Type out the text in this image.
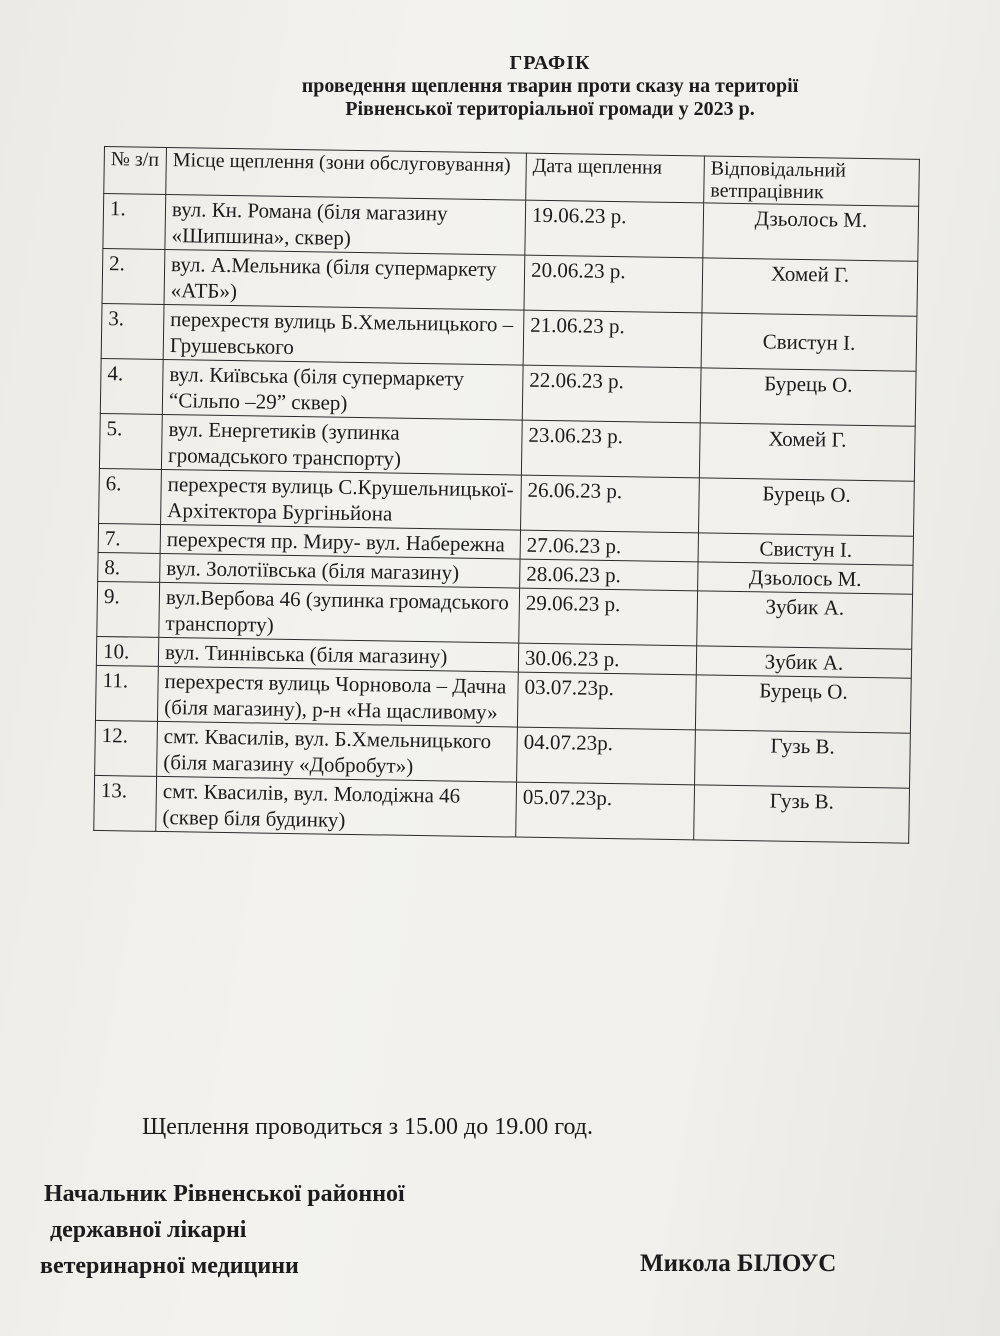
ГРАФІК
проведення щеплення тварин проти сказу на території
Рівненської територіальної громади у 2023 р.
№ з/п	Місце щеплення (зони обслуговування)	Дата щеплення	Відповідальний ветпрацівник
1.	вул. Кн. Романа (біля магазину «Шипшина», сквер)	19.06.23 р.	Дзьолось М.
2.	вул. А.Мельника (біля супермаркету «АТБ»)	20.06.23 р.	Хомей Г.
3.	перехрестя вулиць Б.Хмельницького – Грушевського	21.06.23 р.	Свистун І.
4.	вул. Київська (біля супермаркету “Сільпо –29” сквер)	22.06.23 р.	Бурець О.
5.	вул. Енергетиків (зупинка громадського транспорту)	23.06.23 р.	Хомей Г.
6.	перехрестя вулиць С.Крушельницької- Архітектора Бургіньйона	26.06.23 р.	Бурець О.
7.	перехрестя пр. Миру- вул. Набережна	27.06.23 р.	Свистун І.
8.	вул. Золотіївська (біля магазину)	28.06.23 р.	Дзьолось М.
9.	вул.Вербова 46 (зупинка громадського транспорту)	29.06.23 р.	Зубик А.
10.	вул. Тиннівська (біля магазину)	30.06.23 р.	Зубик А.
11.	перехрестя вулиць Чорновола – Дачна (біля магазину), р-н «На щасливому»	03.07.23р.	Бурець О.
12.	смт. Квасилів, вул. Б.Хмельницького (біля магазину «Добробут»)	04.07.23р.	Гузь В.
13.	смт. Квасилів, вул. Молодіжна 46 (сквер біля будинку)	05.07.23р.	Гузь В.
Щеплення проводиться з 15.00 до 19.00 год.
Начальник Рівненської районної
державної лікарні
ветеринарної медицини	Микола БІЛОУС
